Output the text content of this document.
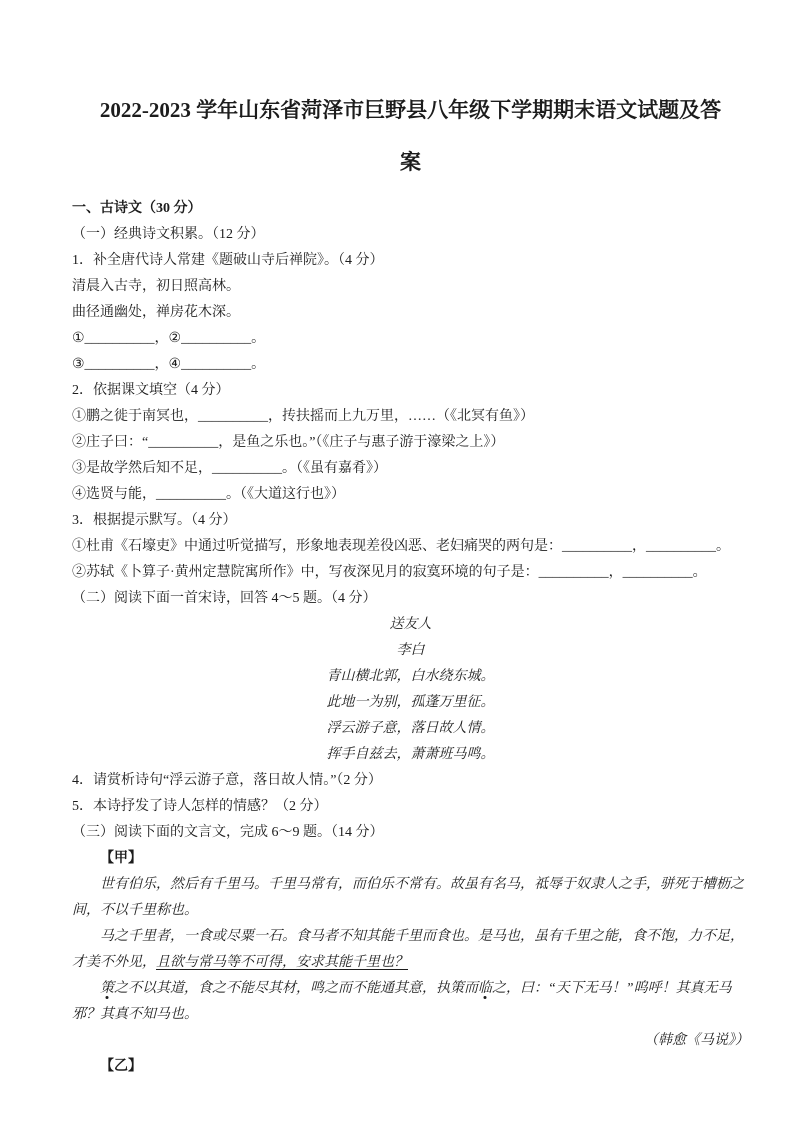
2022-2023 学年山东省菏泽市巨野县八年级下学期期末语文试题及答
案

一、古诗文（30 分）

（一）经典诗文积累。（12 分）

1．补全唐代诗人常建《题破山寺后禅院》。（4 分）

清晨入古寺，初日照高林。

曲径通幽处，禅房花木深。

①__________，②__________。

③__________，④__________。

2．依据课文填空（4 分）

①鹏之徙于南冥也，__________，抟扶摇而上九万里，……（《北冥有鱼》）

②庄子曰：“__________，是鱼之乐也。”（《庄子与惠子游于濠梁之上》）

③是故学然后知不足，__________。（《虽有嘉肴》）

④选贤与能，__________。（《大道这行也》）

3．根据提示默写。（4 分）

①杜甫《石壕吏》中通过听觉描写，形象地表现差役凶恶、老妇痛哭的两句是：__________，__________。

②苏轼《卜算子·黄州定慧院寓所作》中，写夜深见月的寂寞环境的句子是：__________，__________。

（二）阅读下面一首宋诗，回答 4～5 题。（4 分）

送友人

李白

青山横北郭，白水绕东城。

此地一为别，孤蓬万里征。

浮云游子意，落日故人情。

挥手自兹去，萧萧班马鸣。

4．请赏析诗句“浮云游子意，落日故人情。”（2 分）

5．本诗抒发了诗人怎样的情感？（2 分）

（三）阅读下面的文言文，完成 6～9 题。（14 分）

【甲】

世有伯乐，然后有千里马。千里马常有，而伯乐不常有。故虽有名马，祗辱于奴隶人之手，骈死于槽枥之间，不以千里称也。

马之千里者，一食或尽粟一石。食马者不知其能千里而食也。是马也，虽有千里之能，食不饱，力不足，才美不外见，且欲与常马等不可得，安求其能千里也？

策之不以其道，食之不能尽其材，鸣之而不能通其意，执策而临之，曰：“天下无马！”呜呼！其真无马邪？其真不知马也。

（韩愈《马说》）

【乙】
